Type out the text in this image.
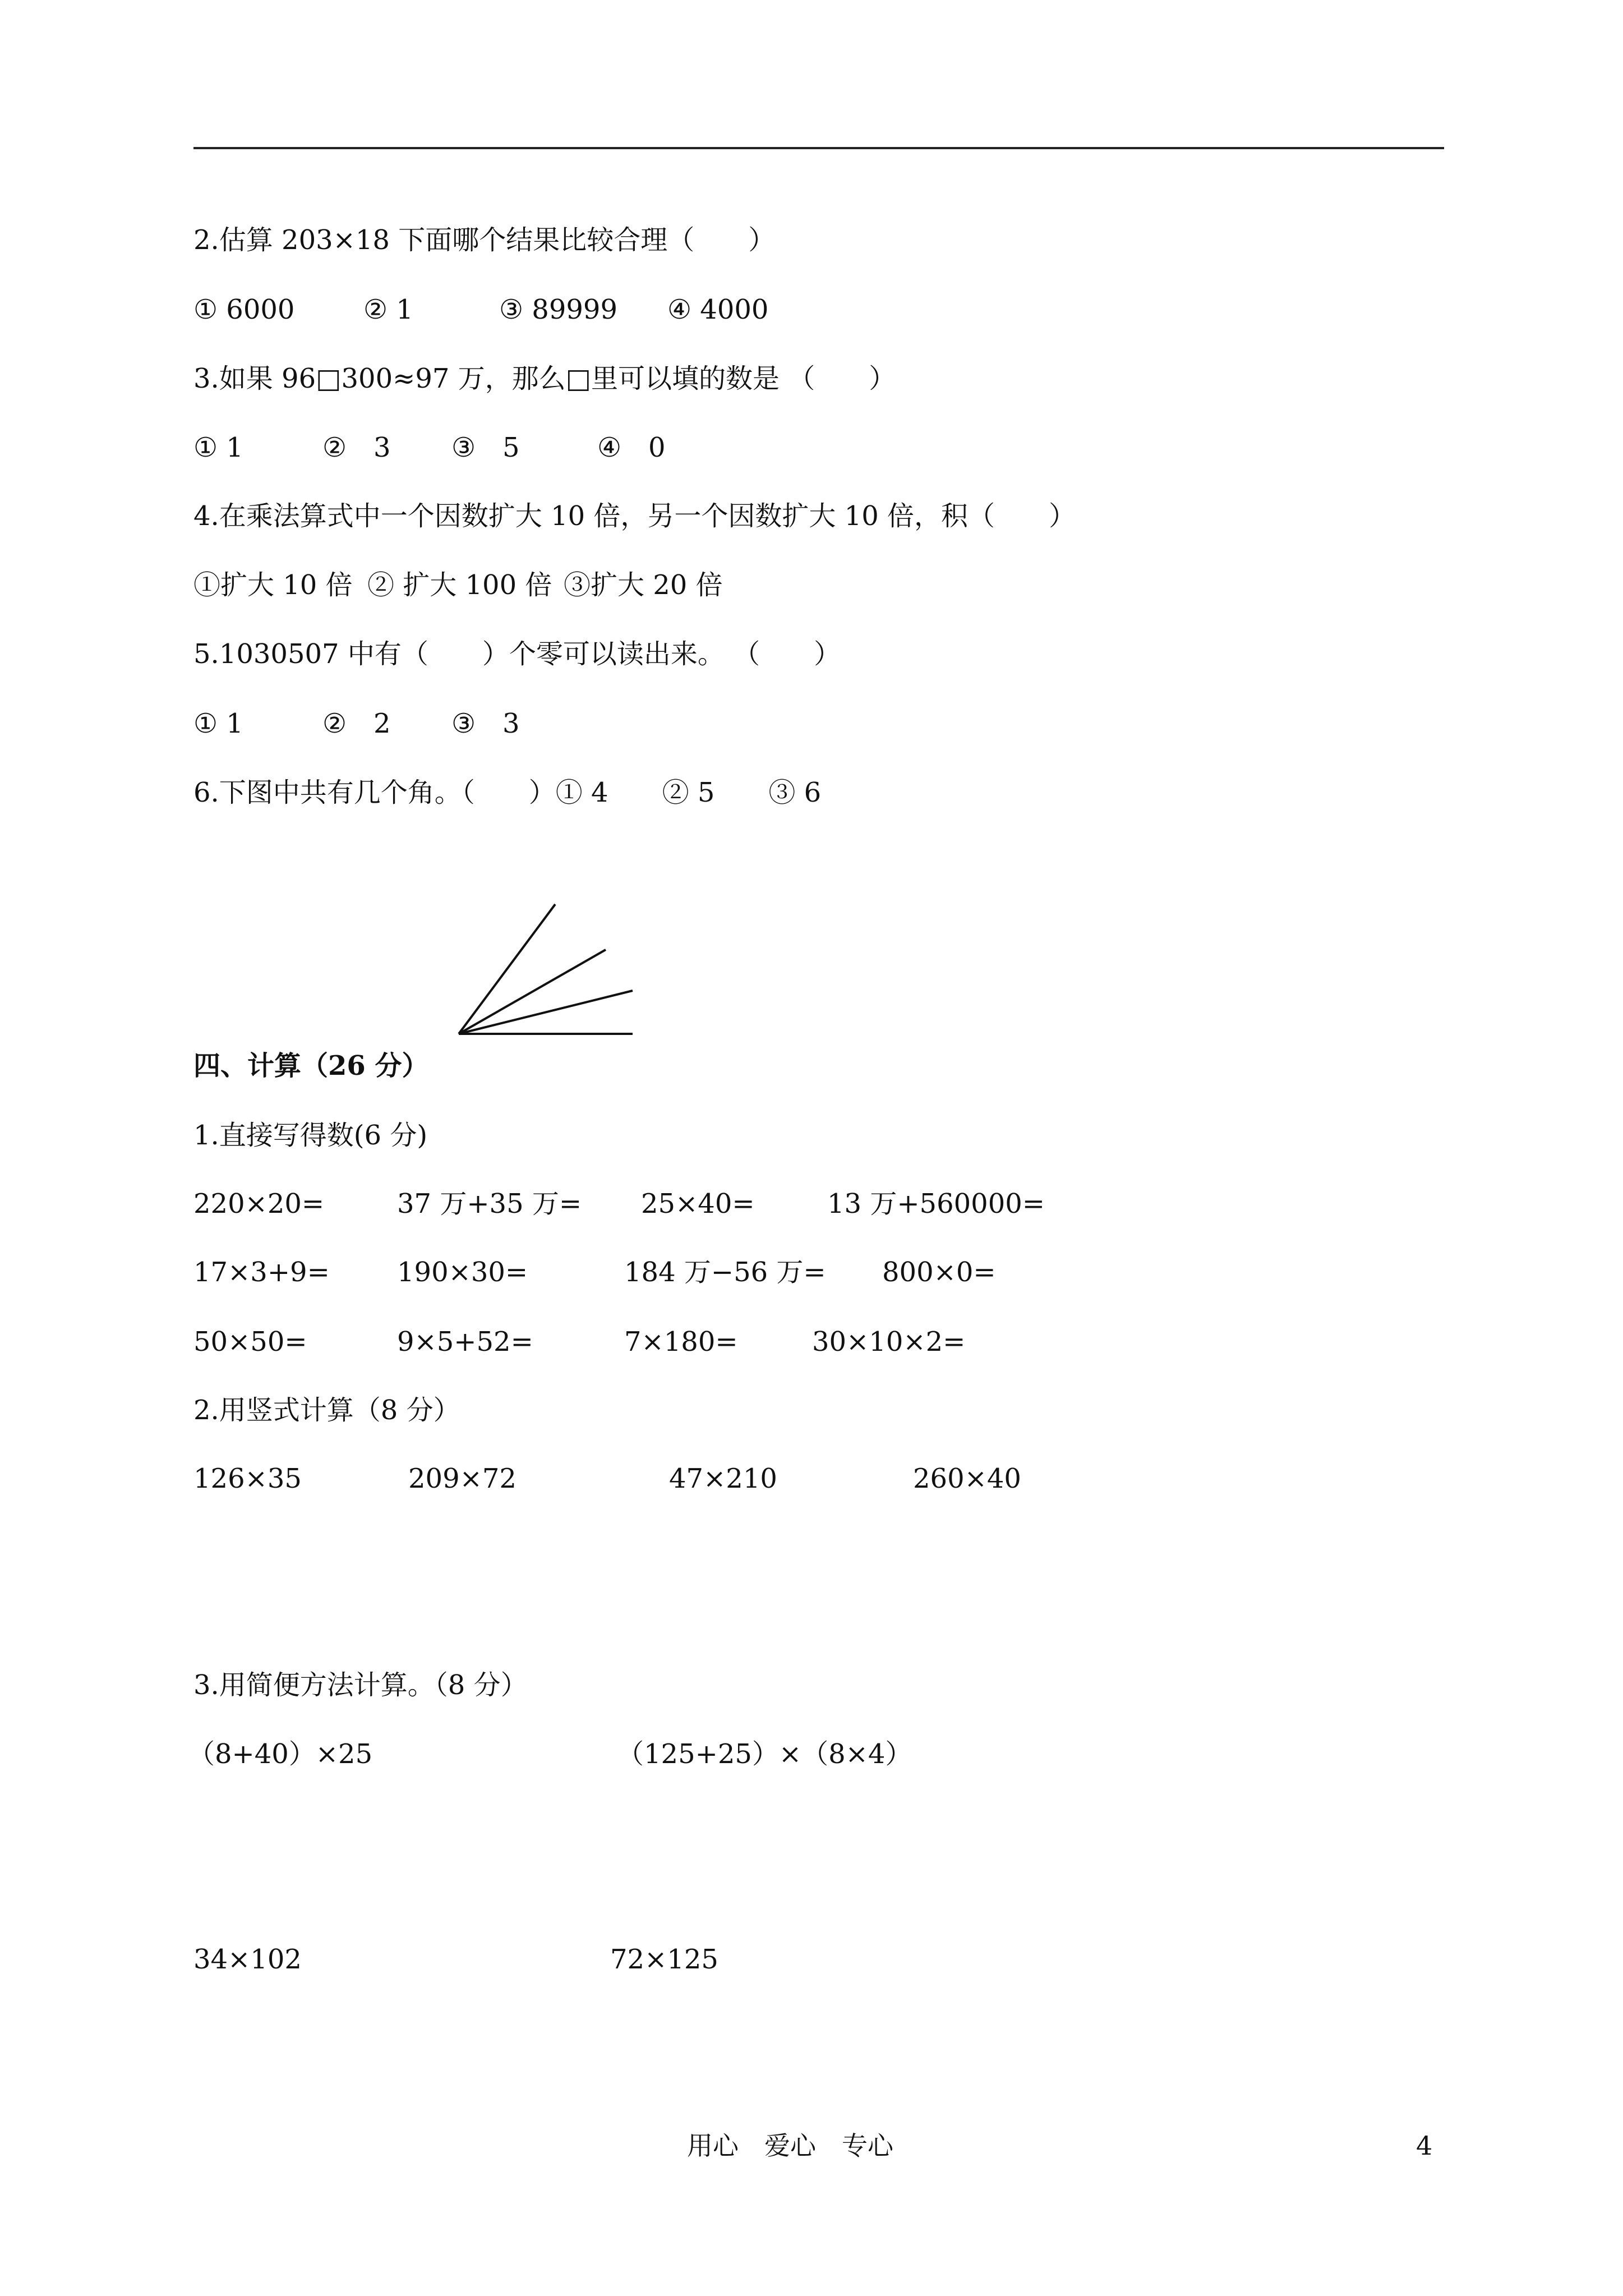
2.估算 203×18 下面哪个结果比较合理（　　）
① 6000	② 1	③ 89999 ④ 4000
3.如果 96□300≈97 万，那么□里可以填的数是 （　　）
① 1	②　3 ③　5	④　0
4.在乘法算式中一个因数扩大 10 倍，另一个因数扩大 10 倍，积（　　）
①扩大 10 倍 ② 扩大 100 倍 ③扩大 20 倍
5.1030507 中有（　　）个零可以读出来。 （　　）
① 1	②　2 ③　3
6.下图中共有几个角。（　　）① 4　　② 5　　③ 6
四、计算（26 分）
1.直接写得数(6 分)
220×20=	37 万+35 万= 25×40=	13 万+560000=
17×3+9=	190×30=	184 万−56 万= 800×0=
50×50=	9×5+52=	7×180=	30×10×2=
2.用竖式计算（8 分）
126×35	209×72	47×210	260×40
3.用简便方法计算。（8 分）
（8+40）×25	（125+25）×（8×4）
34×102	72×125
用心　爱心　专心	4
